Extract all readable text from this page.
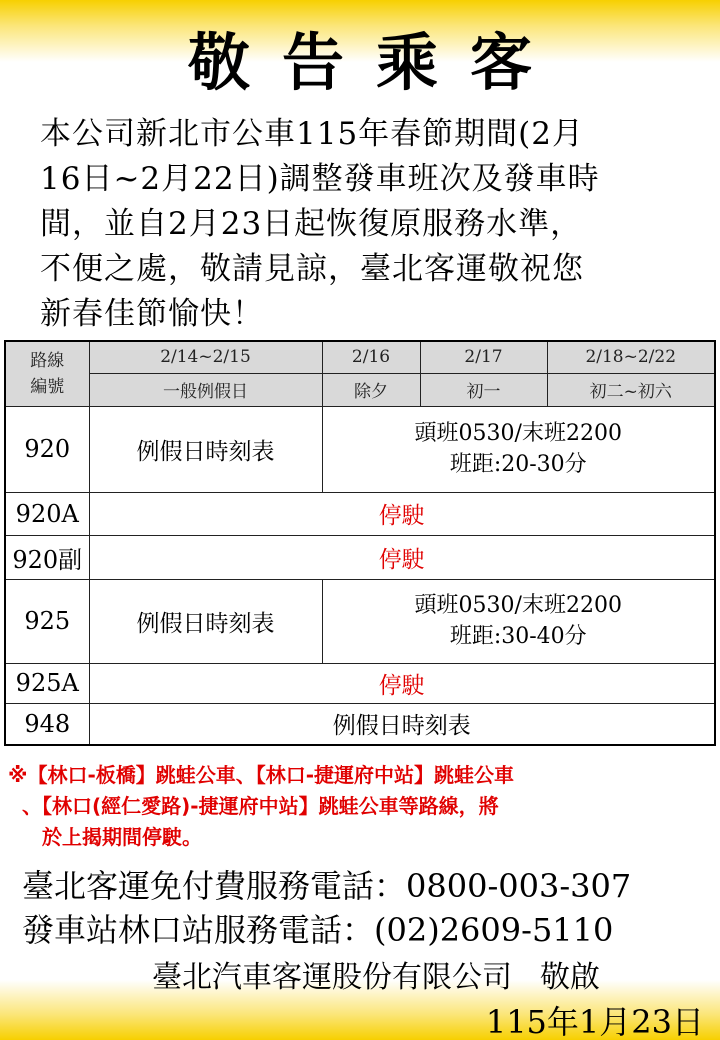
敬告乘客
本公司新北市公車115年春節期間(2月
16日~2月22日)調整發車班次及發車時
間，並自2月23日起恢復原服務水準，
不便之處，敬請見諒，臺北客運敬祝您
新春佳節愉快！
路線
編號	2/14~2/15	2/16	2/17	2/18~2/22
	一般例假日	除夕	初一	初二~初六
920	例假日時刻表	頭班0530/末班2200
班距:20-30分		

920A	停駛			
920副	停駛			
925	例假日時刻表	頭班0530/末班2200
班距:30-40分		

925A	停駛			
948	例假日時刻表			
※【林口-板橋】跳蛙公車、【林口-捷運府中站】跳蛙公車
、【林口(經仁愛路)-捷運府中站】跳蛙公車等路線，將
於上揭期間停駛。
臺北客運免付費服務電話：0800-003-307
發車站林口站服務電話：(02)2609-5110
臺北汽車客運股份有限公司 敬啟
115年1月23日
